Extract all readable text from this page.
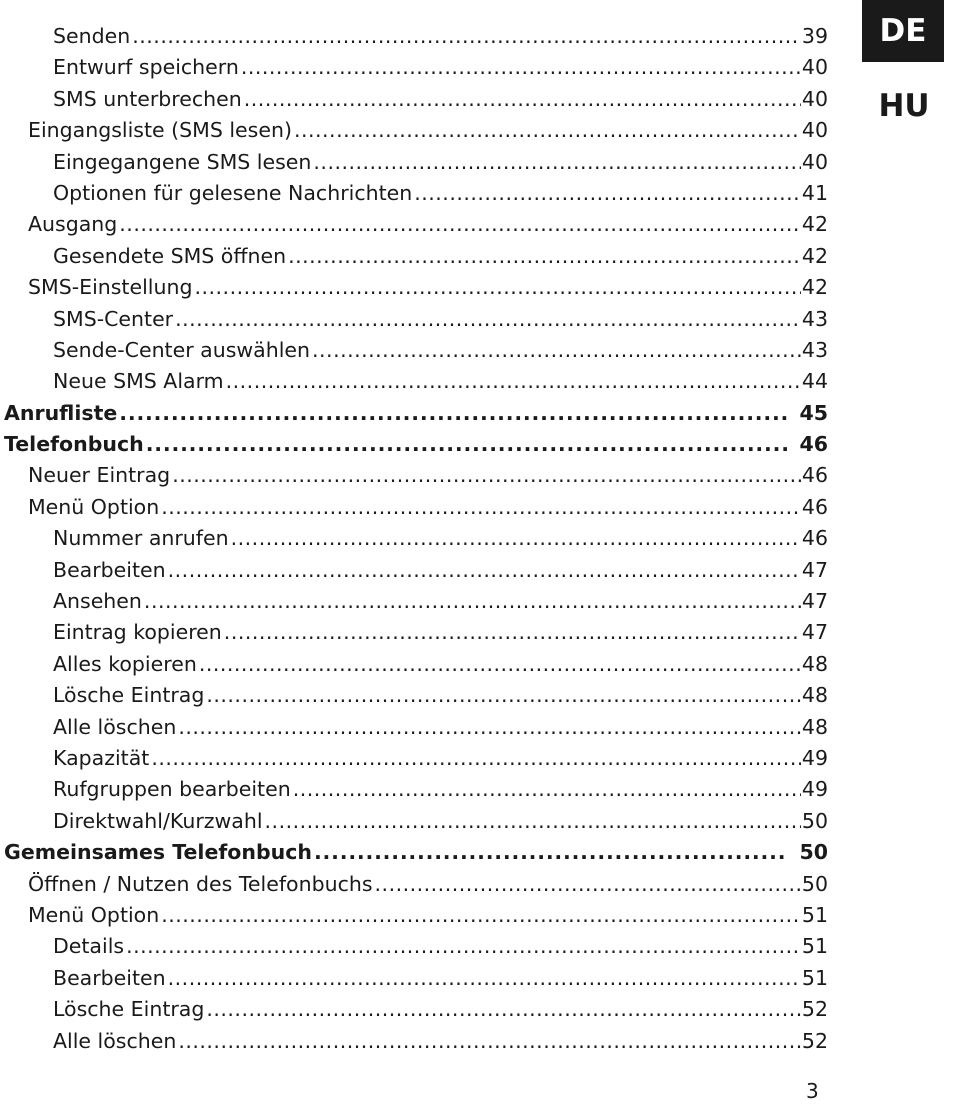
Senden .....	39
Entwurf speichern .....	40
SMS unterbrechen .....	40
Eingangsliste (SMS lesen) .....	40
Eingegangene SMS lesen .....	40
Optionen für gelesene Nachrichten .....	41
Ausgang .....	42
Gesendete SMS öffnen .....	42
SMS-Einstellung .....	42
SMS-Center .....	43
Sende-Center auswählen .....	43
Neue SMS Alarm .....	44
Anrufliste .....	45
Telefonbuch .....	46
Neuer Eintrag .....	46
Menü Option .....	46
Nummer anrufen .....	46
Bearbeiten .....	47
Ansehen .....	47
Eintrag kopieren .....	47
Alles kopieren .....	48
Lösche Eintrag .....	48
Alle löschen .....	48
Kapazität .....	49
Rufgruppen bearbeiten .....	49
Direktwahl/Kurzwahl .....	50
Gemeinsames Telefonbuch .....	50
Öffnen / Nutzen des Telefonbuchs .....	50
Menü Option .....	51
Details .....	51
Bearbeiten .....	51
Lösche Eintrag .....	52
Alle löschen .....	52
DE
HU
3
